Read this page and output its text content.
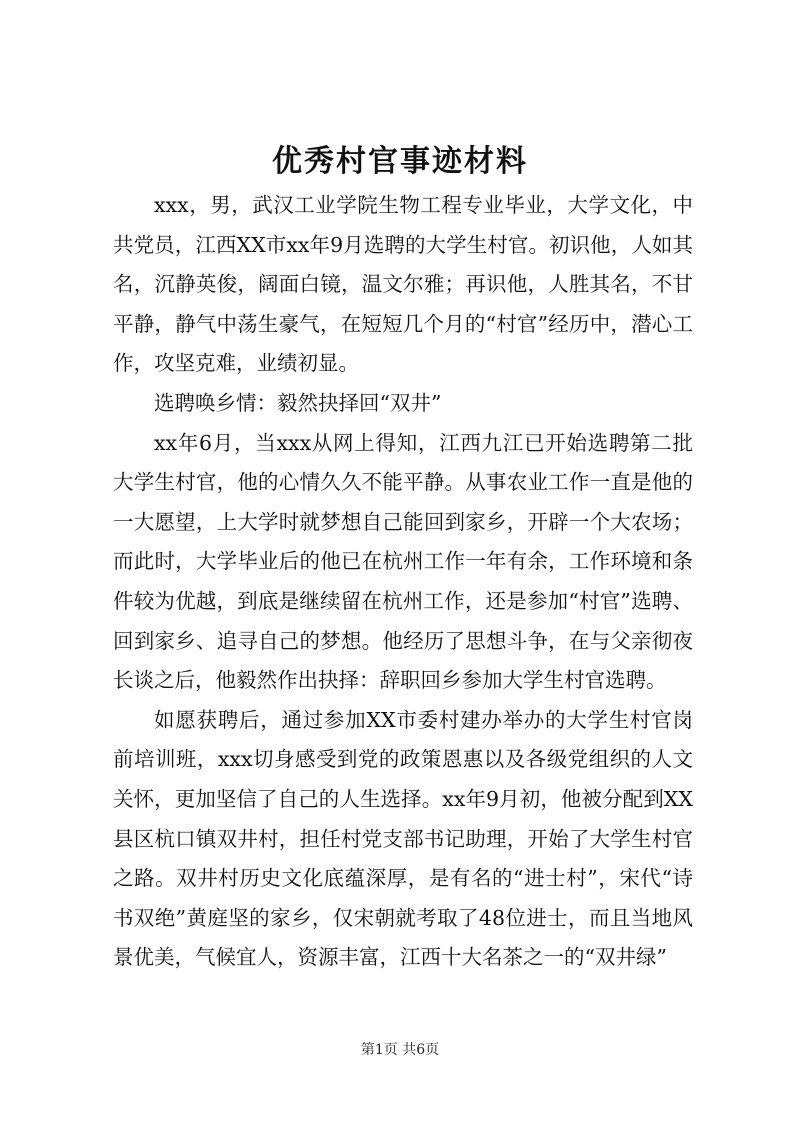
优秀村官事迹材料

xxx，男，武汉工业学院生物工程专业毕业，大学文化，中共党员，江西XX市xx年9月选聘的大学生村官。初识他，人如其名，沉静英俊，阔面白镜，温文尔雅；再识他，人胜其名，不甘平静，静气中荡生豪气，在短短几个月的“村官”经历中，潜心工作，攻坚克难，业绩初显。

选聘唤乡情：毅然抉择回“双井”

xx年6月，当xxx从网上得知，江西九江已开始选聘第二批大学生村官，他的心情久久不能平静。从事农业工作一直是他的一大愿望，上大学时就梦想自己能回到家乡，开辟一个大农场；而此时，大学毕业后的他已在杭州工作一年有余，工作环境和条件较为优越，到底是继续留在杭州工作，还是参加“村官”选聘、回到家乡、追寻自己的梦想。他经历了思想斗争，在与父亲彻夜长谈之后，他毅然作出抉择：辞职回乡参加大学生村官选聘。

如愿获聘后，通过参加XX市委村建办举办的大学生村官岗前培训班，xxx切身感受到党的政策恩惠以及各级党组织的人文关怀，更加坚信了自己的人生选择。xx年9月初，他被分配到XX县区杭口镇双井村，担任村党支部书记助理，开始了大学生村官之路。双井村历史文化底蕴深厚，是有名的“进士村”，宋代“诗书双绝”黄庭坚的家乡，仅宋朝就考取了48位进士，而且当地风景优美，气候宜人，资源丰富，江西十大名茶之一的“双井绿”

第1页 共6页
